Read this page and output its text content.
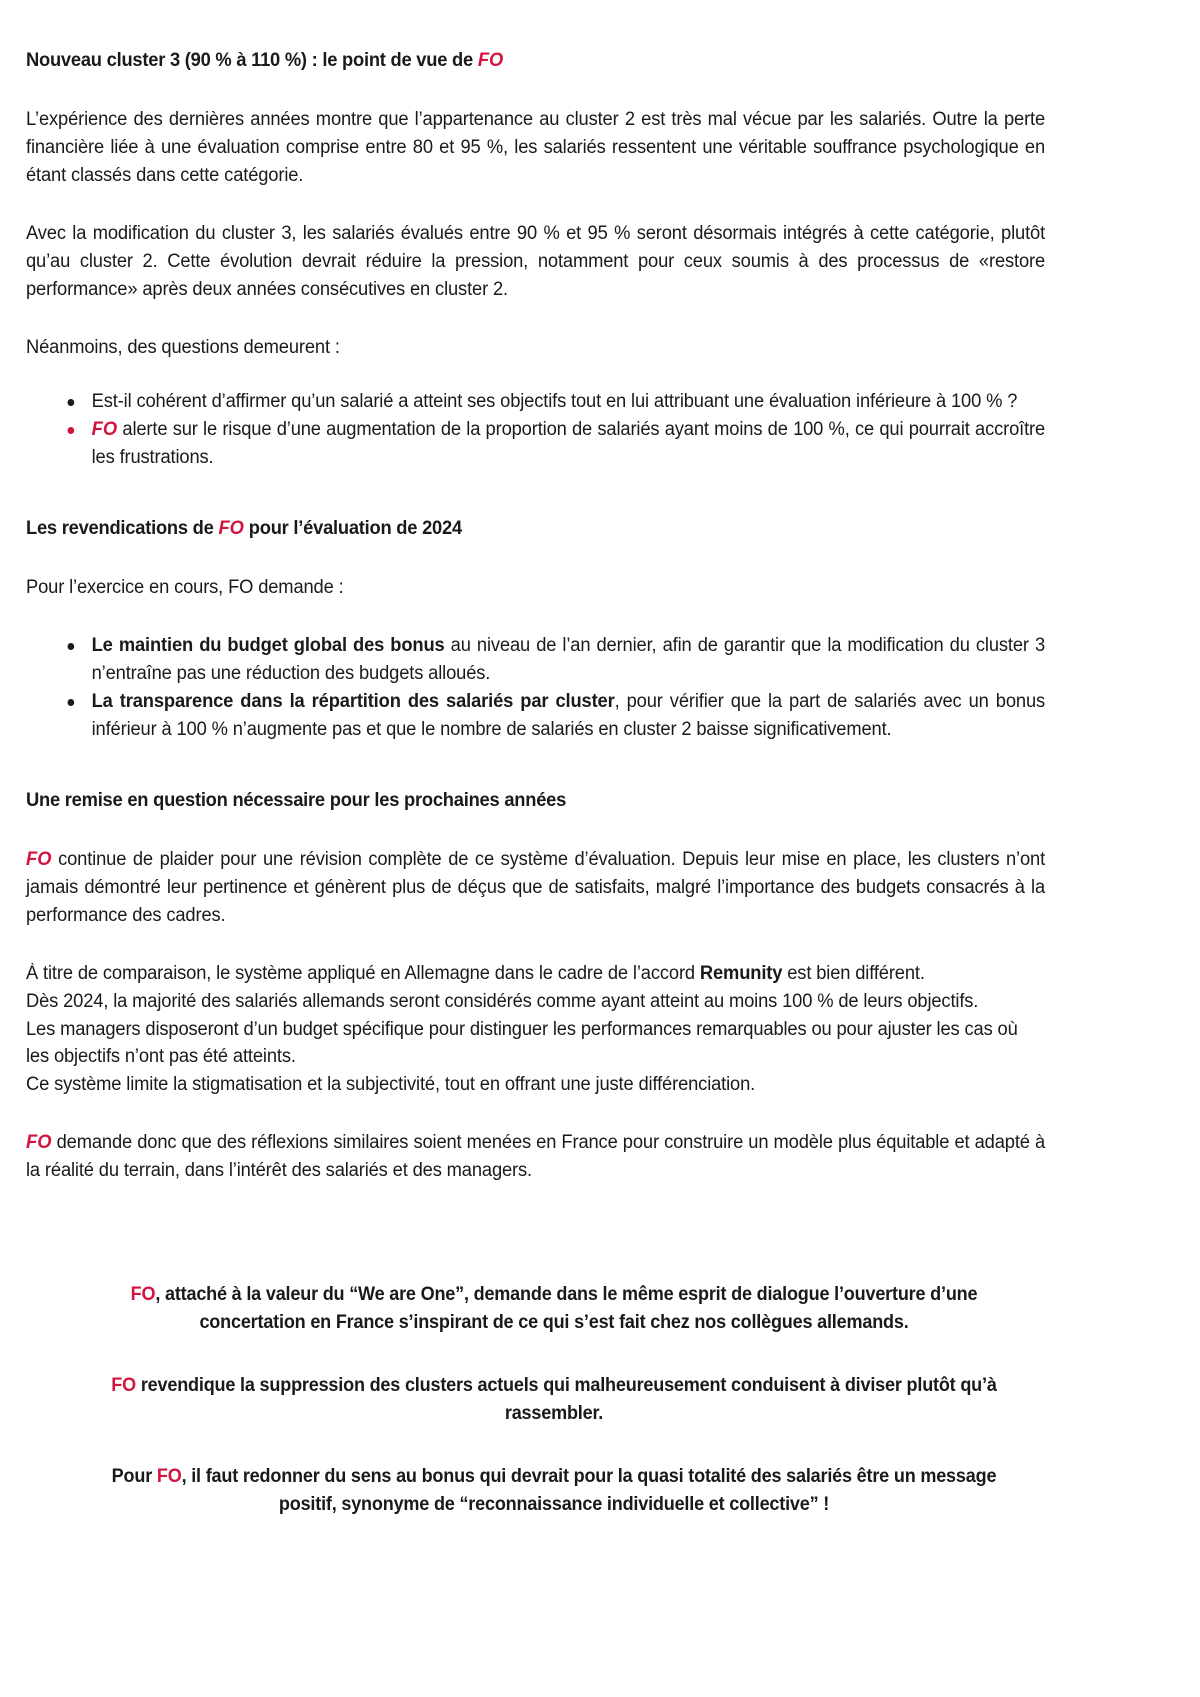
Nouveau cluster 3 (90 % à 110 %) : le point de vue de FO

L’expérience des dernières années montre que l’appartenance au cluster 2 est très mal vécue par les salariés. Outre la perte financière liée à une évaluation comprise entre 80 et 95 %, les salariés ressentent une véritable souffrance psychologique en étant classés dans cette catégorie.

Avec la modification du cluster 3, les salariés évalués entre 90 % et 95 % seront désormais intégrés à cette catégorie, plutôt qu’au cluster 2. Cette évolution devrait réduire la pression, notamment pour ceux soumis à des processus de «restore performance» après deux années consécutives en cluster 2.

Néanmoins, des questions demeurent :

Est-il cohérent d’affirmer qu’un salarié a atteint ses objectifs tout en lui attribuant une évaluation inférieure à 100 % ?
FO alerte sur le risque d’une augmentation de la proportion de salariés ayant moins de 100 %, ce qui pourrait accroître les frustrations.
Les revendications de FO pour l’évaluation de 2024

Pour l’exercice en cours, FO demande :

Le maintien du budget global des bonus au niveau de l’an dernier, afin de garantir que la modification du cluster 3 n’entraîne pas une réduction des budgets alloués.
La transparence dans la répartition des salariés par cluster, pour vérifier que la part de salariés avec un bonus inférieur à 100 % n’augmente pas et que le nombre de salariés en cluster 2 baisse significativement.
Une remise en question nécessaire pour les prochaines années

FO continue de plaider pour une révision complète de ce système d’évaluation. Depuis leur mise en place, les clusters n’ont jamais démontré leur pertinence et génèrent plus de déçus que de satisfaits, malgré l’importance des budgets consacrés à la performance des cadres.

À titre de comparaison, le système appliqué en Allemagne dans le cadre de l’accord Remunity est bien différent.

Dès 2024, la majorité des salariés allemands seront considérés comme ayant atteint au moins 100 % de leurs objectifs.

Les managers disposeront d’un budget spécifique pour distinguer les performances remarquables ou pour ajuster les cas où les objectifs n’ont pas été atteints.

Ce système limite la stigmatisation et la subjectivité, tout en offrant une juste différenciation.

FO demande donc que des réflexions similaires soient menées en France pour construire un modèle plus équitable et adapté à la réalité du terrain, dans l’intérêt des salariés et des managers.

FO, attaché à la valeur du “We are One”, demande dans le même esprit de dialogue l’ouverture d’une concertation en France s’inspirant de ce qui s’est fait chez nos collègues allemands.

FO revendique la suppression des clusters actuels qui malheureusement conduisent à diviser plutôt qu’à rassembler.

Pour FO, il faut redonner du sens au bonus qui devrait pour la quasi totalité des salariés être un message positif, synonyme de “reconnaissance individuelle et collective” !
